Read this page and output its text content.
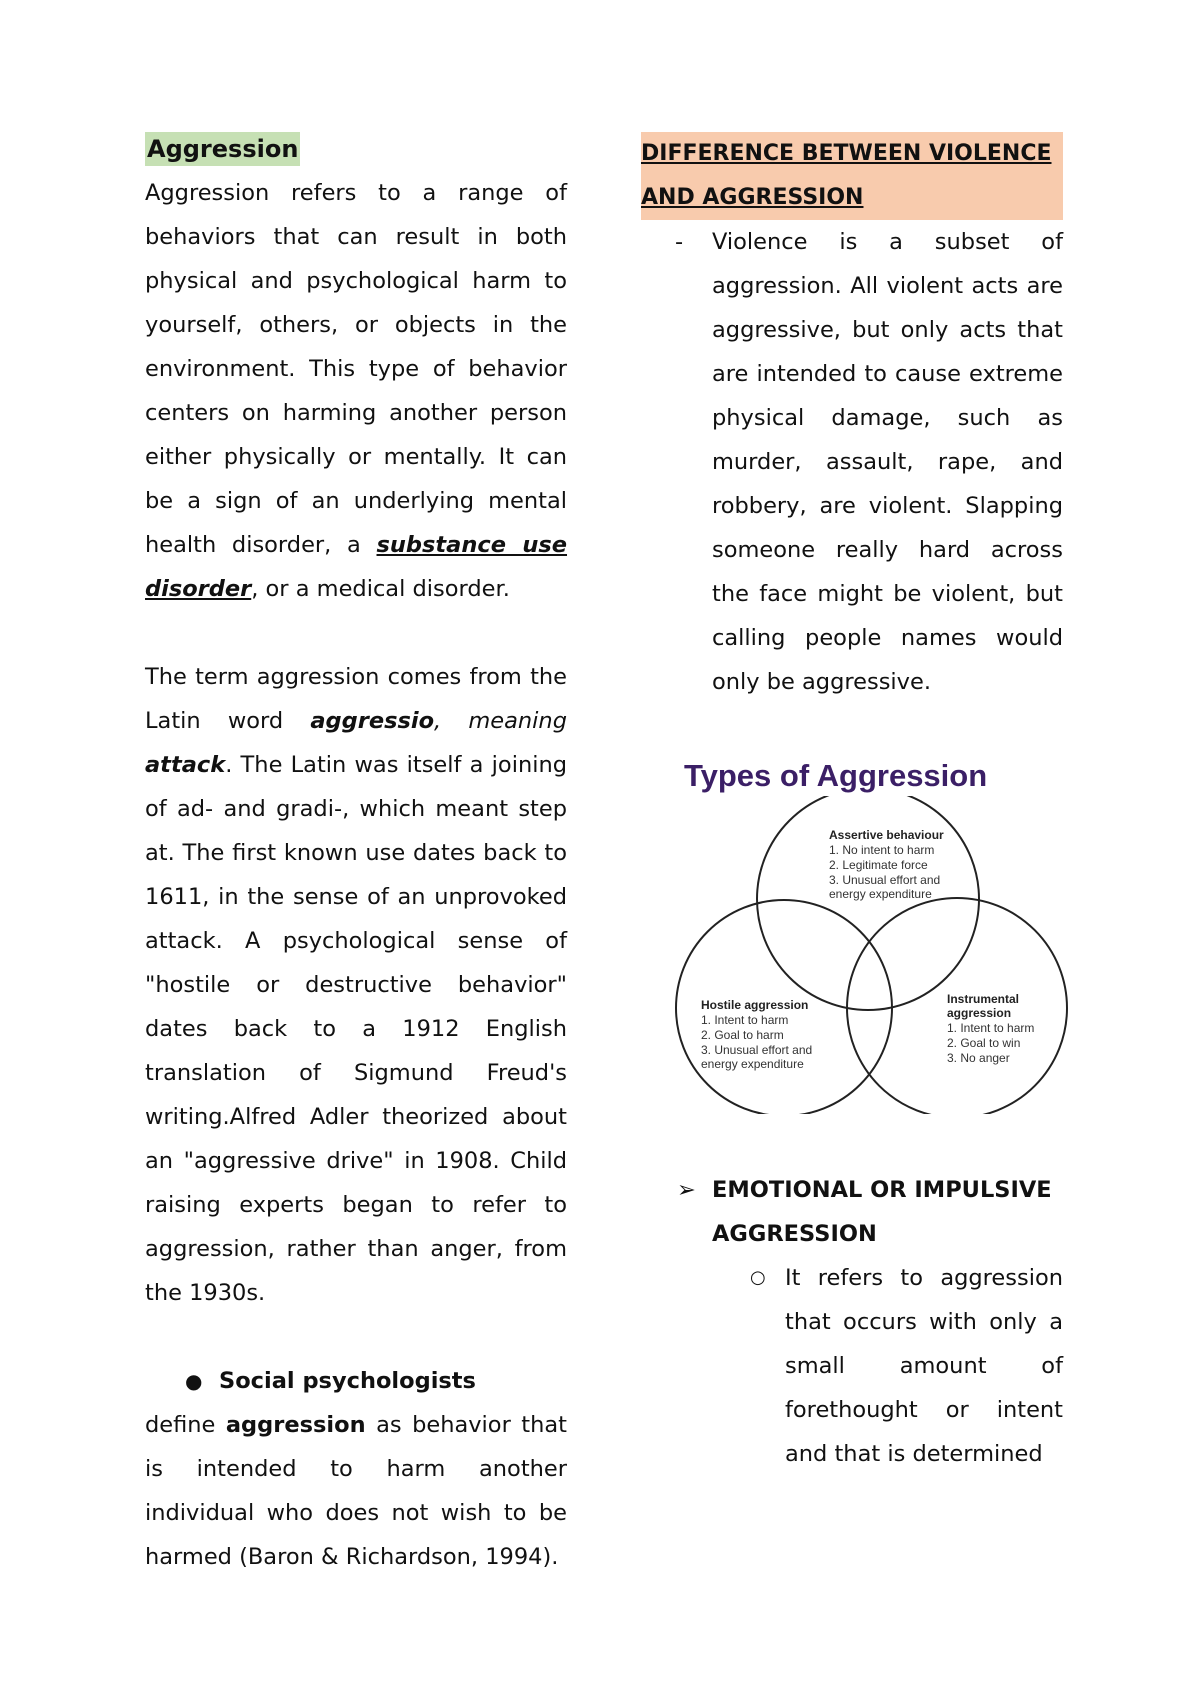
Aggression

Aggression refers to a range of behaviors that can result in both physical and psychological harm to yourself, others, or objects in the environment. This type of behavior centers on harming another person either physically or mentally. It can be a sign of an underlying mental health disorder, a substance use disorder, or a medical disorder.

The term aggression comes from the Latin word aggressio, meaning attack. The Latin was itself a joining of ad- and gradi-, which meant step at. The first known use dates back to 1611, in the sense of an unprovoked attack. A psychological sense of "hostile or destructive behavior" dates back to a 1912 English translation of Sigmund Freud's writing.Alfred Adler theorized about an "aggressive drive" in 1908. Child raising experts began to refer to aggression, rather than anger, from the 1930s.

● Social psychologists

define aggression as behavior that is intended to harm another individual who does not wish to be harmed (Baron & Richardson, 1994).

DIFFERENCE BETWEEN VIOLENCE AND AGGRESSION

- Violence is a subset of aggression. All violent acts are aggressive, but only acts that are intended to cause extreme physical damage, such as murder, assault, rape, and robbery, are violent. Slapping someone really hard across the face might be violent, but calling people names would only be aggressive.

Types of Aggression
Assertive behaviour
1. No intent to harm
2. Legitimate force
3. Unusual effort and
energy expenditure
Hostile aggression
1. Intent to harm
2. Goal to harm
3. Unusual effort and
energy expenditure
Instrumental
aggression
1. Intent to harm
2. Goal to win
3. No anger
➢ EMOTIONAL OR IMPULSIVE AGGRESSION

○ It refers to aggression that occurs with only a small amount of forethought or intent and that is determined
